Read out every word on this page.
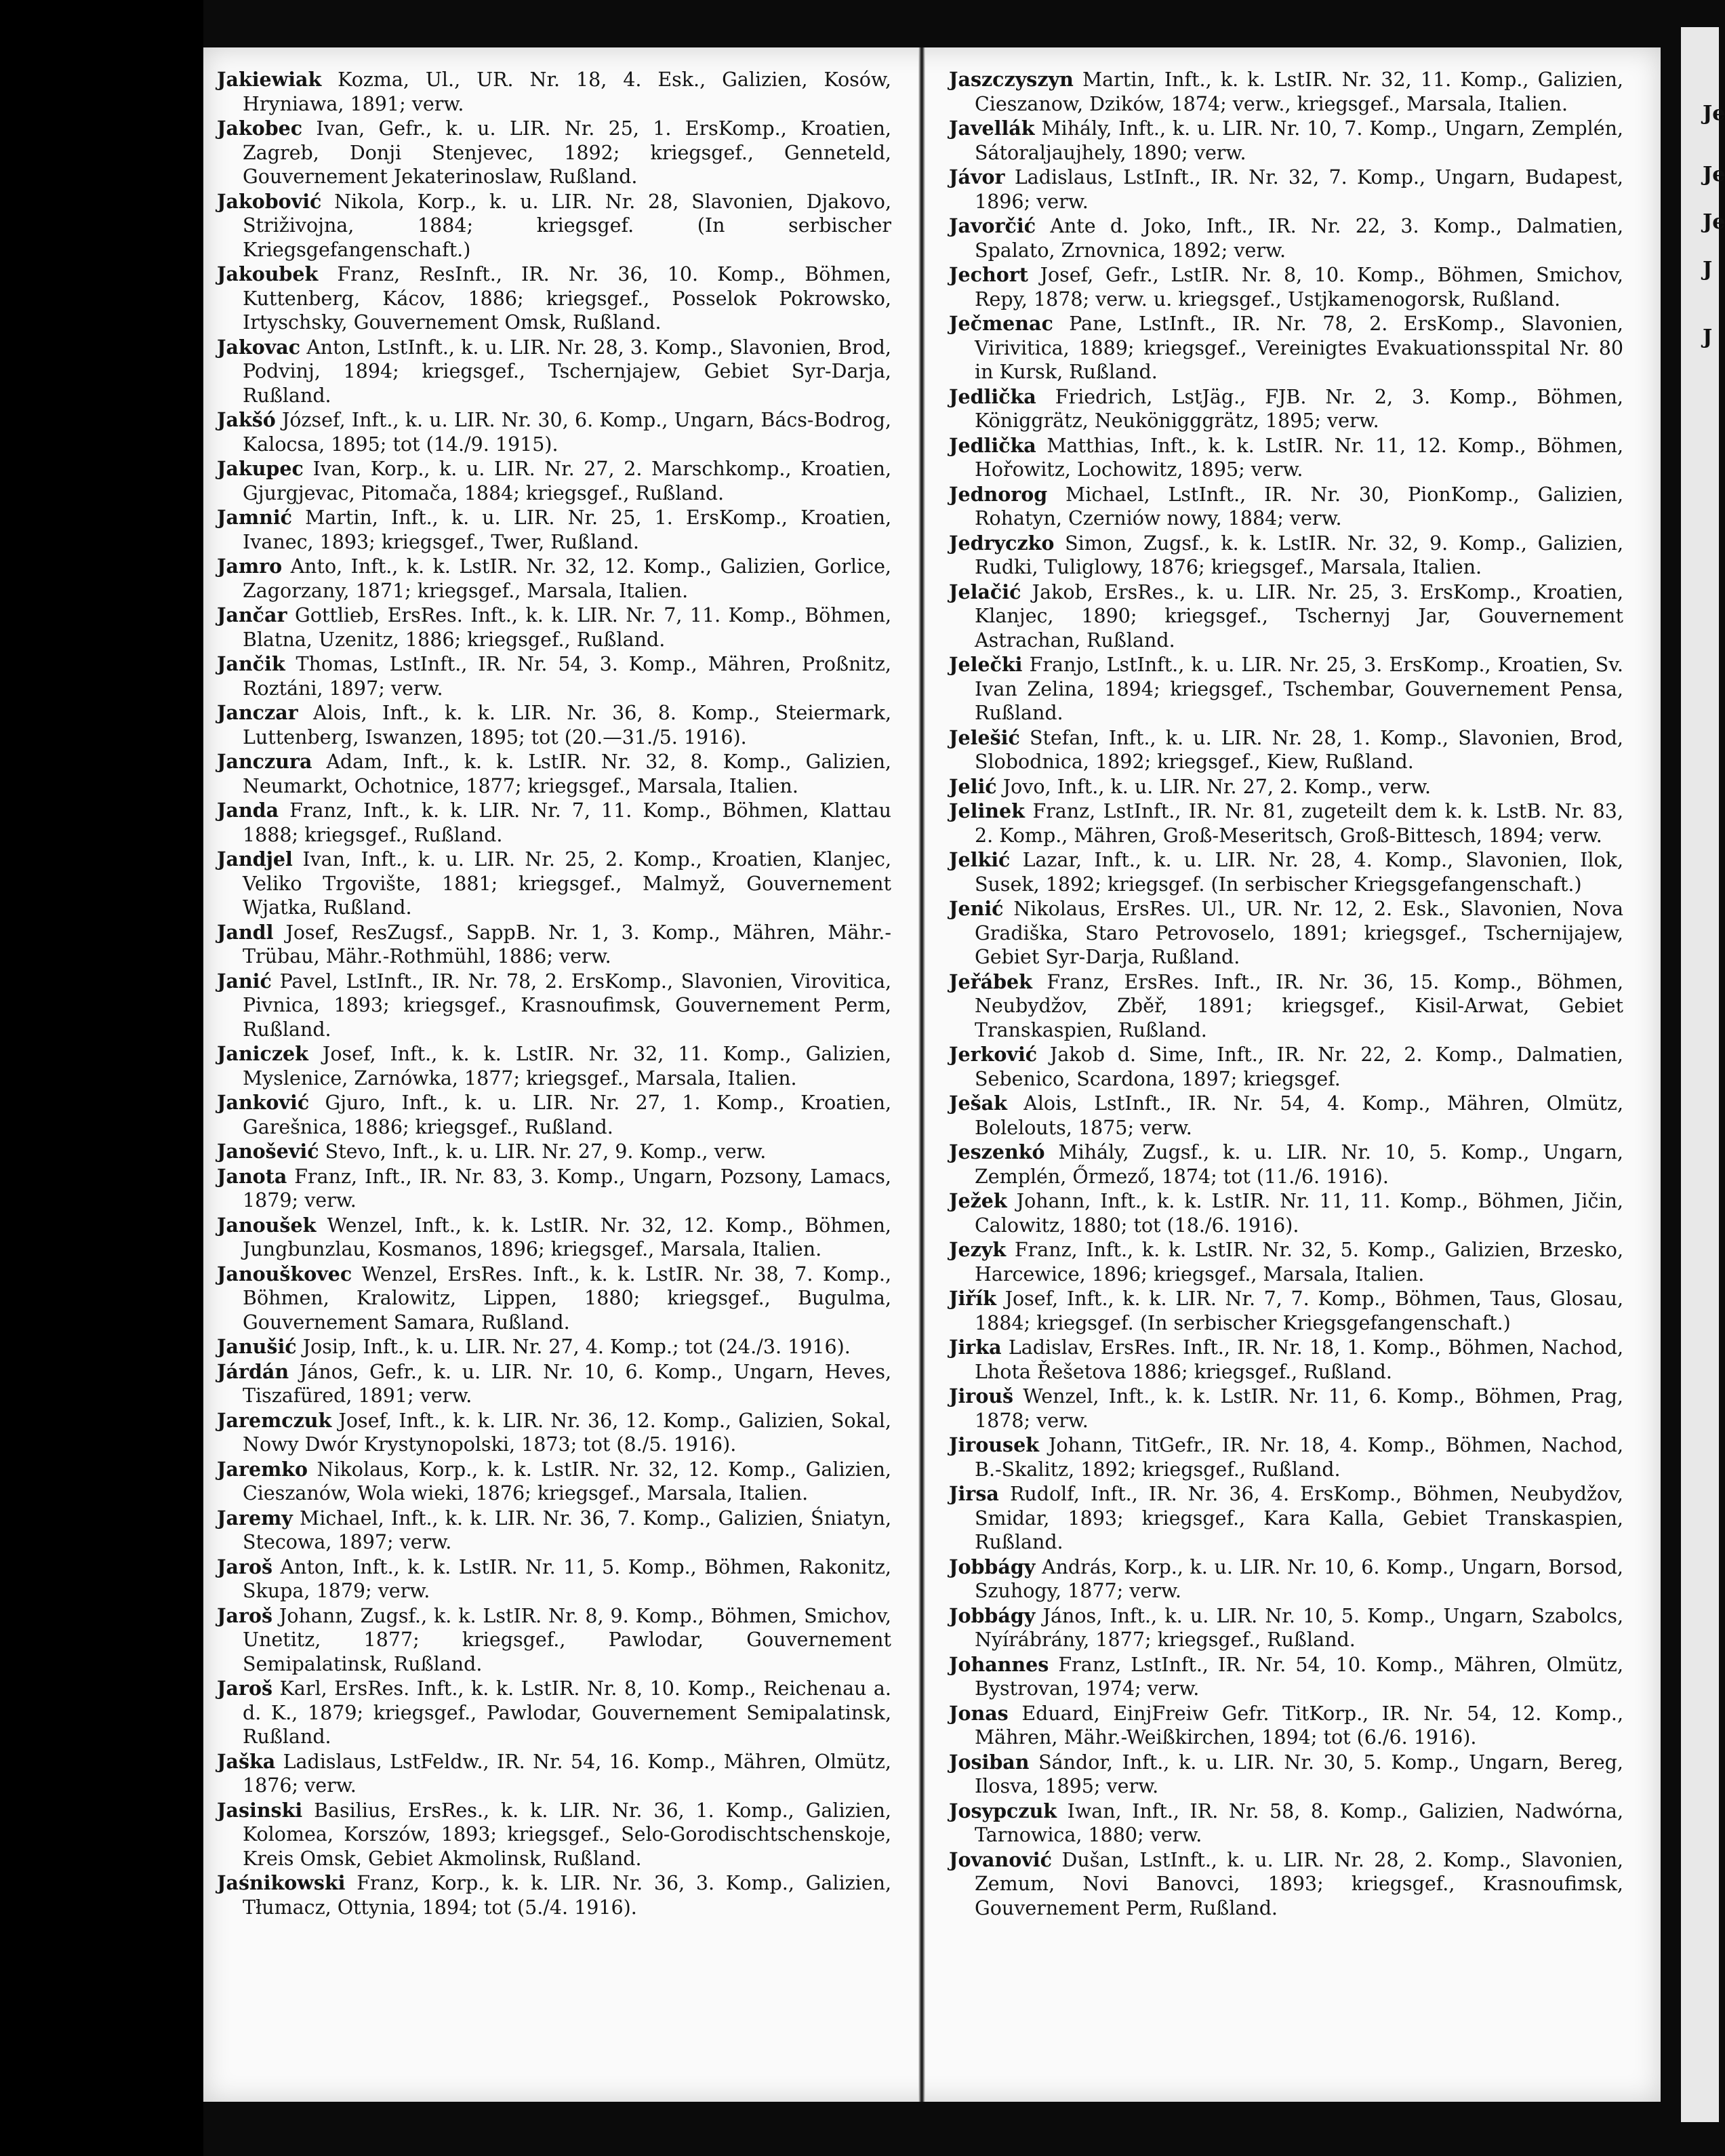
Jakiewiak Kozma, Ul., UR. Nr. 18, 4. Esk., Galizien, Kosów, Hryniawa, 1891; verw.

Jakobec Ivan, Gefr., k. u. LIR. Nr. 25, 1. ErsKomp., Kroatien, Zagreb, Donji Stenjevec, 1892; kriegsgef., Genneteld, Gouvernement Jekaterinoslaw, Rußland.

Jakobović Nikola, Korp., k. u. LIR. Nr. 28, Slavonien, Djakovo, Striživojna, 1884; kriegsgef. (In serbischer Kriegsgefangenschaft.)

Jakoubek Franz, ResInft., IR. Nr. 36, 10. Komp., Böhmen, Kuttenberg, Kácov, 1886; kriegsgef., Posselok Pokrowsko, Irtyschsky, Gouvernement Omsk, Rußland.

Jakovac Anton, LstInft., k. u. LIR. Nr. 28, 3. Komp., Slavonien, Brod, Podvinj, 1894; kriegsgef., Tschernjajew, Gebiet Syr-Darja, Rußland.

Jakšó József, Inft., k. u. LIR. Nr. 30, 6. Komp., Ungarn, Bács-Bodrog, Kalocsa, 1895; tot (14./9. 1915).

Jakupec Ivan, Korp., k. u. LIR. Nr. 27, 2. Marschkomp., Kroatien, Gjurgjevac, Pitomača, 1884; kriegsgef., Rußland.

Jamnić Martin, Inft., k. u. LIR. Nr. 25, 1. ErsKomp., Kroatien, Ivanec, 1893; kriegsgef., Twer, Rußland.

Jamro Anto, Inft., k. k. LstIR. Nr. 32, 12. Komp., Galizien, Gorlice, Zagorzany, 1871; kriegsgef., Marsala, Italien.

Jančar Gottlieb, ErsRes. Inft., k. k. LIR. Nr. 7, 11. Komp., Böhmen, Blatna, Uzenitz, 1886; kriegsgef., Rußland.

Jančik Thomas, LstInft., IR. Nr. 54, 3. Komp., Mähren, Proßnitz, Roztáni, 1897; verw.

Janczar Alois, Inft., k. k. LIR. Nr. 36, 8. Komp., Steiermark, Luttenberg, Iswanzen, 1895; tot (20.—31./5. 1916).

Janczura Adam, Inft., k. k. LstIR. Nr. 32, 8. Komp., Galizien, Neumarkt, Ochotnice, 1877; kriegsgef., Marsala, Italien.

Janda Franz, Inft., k. k. LIR. Nr. 7, 11. Komp., Böhmen, Klattau 1888; kriegsgef., Rußland.

Jandjel Ivan, Inft., k. u. LIR. Nr. 25, 2. Komp., Kroatien, Klanjec, Veliko Trgovište, 1881; kriegsgef., Malmyž, Gouvernement Wjatka, Rußland.

Jandl Josef, ResZugsf., SappB. Nr. 1, 3. Komp., Mähren, Mähr.-Trübau, Mähr.-Rothmühl, 1886; verw.

Janić Pavel, LstInft., IR. Nr. 78, 2. ErsKomp., Slavonien, Virovitica, Pivnica, 1893; kriegsgef., Krasnoufimsk, Gouvernement Perm, Rußland.

Janiczek Josef, Inft., k. k. LstIR. Nr. 32, 11. Komp., Galizien, Myslenice, Zarnówka, 1877; kriegsgef., Marsala, Italien.

Janković Gjuro, Inft., k. u. LIR. Nr. 27, 1. Komp., Kroatien, Garešnica, 1886; kriegsgef., Rußland.

Janošević Stevo, Inft., k. u. LIR. Nr. 27, 9. Komp., verw.

Janota Franz, Inft., IR. Nr. 83, 3. Komp., Ungarn, Pozsony, Lamacs, 1879; verw.

Janoušek Wenzel, Inft., k. k. LstIR. Nr. 32, 12. Komp., Böhmen, Jungbunzlau, Kosmanos, 1896; kriegsgef., Marsala, Italien.

Janouškovec Wenzel, ErsRes. Inft., k. k. LstIR. Nr. 38, 7. Komp., Böhmen, Kralowitz, Lippen, 1880; kriegsgef., Bugulma, Gouvernement Samara, Rußland.

Janušić Josip, Inft., k. u. LIR. Nr. 27, 4. Komp.; tot (24./3. 1916).

Járdán János, Gefr., k. u. LIR. Nr. 10, 6. Komp., Ungarn, Heves, Tiszafüred, 1891; verw.

Jaremczuk Josef, Inft., k. k. LIR. Nr. 36, 12. Komp., Galizien, Sokal, Nowy Dwór Krystynopolski, 1873; tot (8./5. 1916).

Jaremko Nikolaus, Korp., k. k. LstIR. Nr. 32, 12. Komp., Galizien, Cieszanów, Wola wieki, 1876; kriegsgef., Marsala, Italien.

Jaremy Michael, Inft., k. k. LIR. Nr. 36, 7. Komp., Galizien, Śniatyn, Stecowa, 1897; verw.

Jaroš Anton, Inft., k. k. LstIR. Nr. 11, 5. Komp., Böhmen, Rakonitz, Skupa, 1879; verw.

Jaroš Johann, Zugsf., k. k. LstIR. Nr. 8, 9. Komp., Böhmen, Smichov, Unetitz, 1877; kriegsgef., Pawlodar, Gouvernement Semipalatinsk, Rußland.

Jaroš Karl, ErsRes. Inft., k. k. LstIR. Nr. 8, 10. Komp., Reichenau a. d. K., 1879; kriegsgef., Pawlodar, Gouvernement Semipalatinsk, Rußland.

Jaška Ladislaus, LstFeldw., IR. Nr. 54, 16. Komp., Mähren, Olmütz, 1876; verw.

Jasinski Basilius, ErsRes., k. k. LIR. Nr. 36, 1. Komp., Galizien, Kolomea, Korszów, 1893; kriegsgef., Selo-Gorodischtschenskoje, Kreis Omsk, Gebiet Akmolinsk, Rußland.

Jaśnikowski Franz, Korp., k. k. LIR. Nr. 36, 3. Komp., Galizien, Tłumacz, Ottynia, 1894; tot (5./4. 1916).

Jaszczyszyn Martin, Inft., k. k. LstIR. Nr. 32, 11. Komp., Galizien, Cieszanow, Dzików, 1874; verw., kriegsgef., Marsala, Italien.

Javellák Mihály, Inft., k. u. LIR. Nr. 10, 7. Komp., Ungarn, Zemplén, Sátoraljaujhely, 1890; verw.

Jávor Ladislaus, LstInft., IR. Nr. 32, 7. Komp., Ungarn, Budapest, 1896; verw.

Javorčić Ante d. Joko, Inft., IR. Nr. 22, 3. Komp., Dalmatien, Spalato, Zrnovnica, 1892; verw.

Jechort Josef, Gefr., LstIR. Nr. 8, 10. Komp., Böhmen, Smichov, Repy, 1878; verw. u. kriegsgef., Ustjkamenogorsk, Rußland.

Ječmenac Pane, LstInft., IR. Nr. 78, 2. ErsKomp., Slavonien, Virivitica, 1889; kriegsgef., Vereinigtes Evakuationsspital Nr. 80 in Kursk, Rußland.

Jedlička Friedrich, LstJäg., FJB. Nr. 2, 3. Komp., Böhmen, Königgrätz, Neukönigggrätz, 1895; verw.

Jedlička Matthias, Inft., k. k. LstIR. Nr. 11, 12. Komp., Böhmen, Hořowitz, Lochowitz, 1895; verw.

Jednorog Michael, LstInft., IR. Nr. 30, PionKomp., Galizien, Rohatyn, Czerniów nowy, 1884; verw.

Jedryczko Simon, Zugsf., k. k. LstIR. Nr. 32, 9. Komp., Galizien, Rudki, Tuliglowy, 1876; kriegsgef., Marsala, Italien.

Jelačić Jakob, ErsRes., k. u. LIR. Nr. 25, 3. ErsKomp., Kroatien, Klanjec, 1890; kriegsgef., Tschernyj Jar, Gouvernement Astrachan, Rußland.

Jelečki Franjo, LstInft., k. u. LIR. Nr. 25, 3. ErsKomp., Kroatien, Sv. Ivan Zelina, 1894; kriegsgef., Tschembar, Gouvernement Pensa, Rußland.

Jelešić Stefan, Inft., k. u. LIR. Nr. 28, 1. Komp., Slavonien, Brod, Slobodnica, 1892; kriegsgef., Kiew, Rußland.

Jelić Jovo, Inft., k. u. LIR. Nr. 27, 2. Komp., verw.

Jelinek Franz, LstInft., IR. Nr. 81, zugeteilt dem k. k. LstB. Nr. 83, 2. Komp., Mähren, Groß-Meseritsch, Groß-Bittesch, 1894; verw.

Jelkić Lazar, Inft., k. u. LIR. Nr. 28, 4. Komp., Slavonien, Ilok, Susek, 1892; kriegsgef. (In serbischer Kriegsgefangenschaft.)

Jenić Nikolaus, ErsRes. Ul., UR. Nr. 12, 2. Esk., Slavonien, Nova Gradiška, Staro Petrovoselo, 1891; kriegsgef., Tschernijajew, Gebiet Syr-Darja, Rußland.

Jeřábek Franz, ErsRes. Inft., IR. Nr. 36, 15. Komp., Böhmen, Neubydžov, Zběř, 1891; kriegsgef., Kisil-Arwat, Gebiet Transkaspien, Rußland.

Jerković Jakob d. Sime, Inft., IR. Nr. 22, 2. Komp., Dalmatien, Sebenico, Scardona, 1897; kriegsgef.

Ješak Alois, LstInft., IR. Nr. 54, 4. Komp., Mähren, Olmütz, Bolelouts, 1875; verw.

Jeszenkó Mihály, Zugsf., k. u. LIR. Nr. 10, 5. Komp., Ungarn, Zemplén, Őrmező, 1874; tot (11./6. 1916).

Ježek Johann, Inft., k. k. LstIR. Nr. 11, 11. Komp., Böhmen, Jičin, Calowitz, 1880; tot (18./6. 1916).

Jezyk Franz, Inft., k. k. LstIR. Nr. 32, 5. Komp., Galizien, Brzesko, Harcewice, 1896; kriegsgef., Marsala, Italien.

Jiřík Josef, Inft., k. k. LIR. Nr. 7, 7. Komp., Böhmen, Taus, Glosau, 1884; kriegsgef. (In serbischer Kriegsgefangenschaft.)

Jirka Ladislav, ErsRes. Inft., IR. Nr. 18, 1. Komp., Böhmen, Nachod, Lhota Řešetova 1886; kriegsgef., Rußland.

Jirouš Wenzel, Inft., k. k. LstIR. Nr. 11, 6. Komp., Böhmen, Prag, 1878; verw.

Jirousek Johann, TitGefr., IR. Nr. 18, 4. Komp., Böhmen, Nachod, B.-Skalitz, 1892; kriegsgef., Rußland.

Jirsa Rudolf, Inft., IR. Nr. 36, 4. ErsKomp., Böhmen, Neubydžov, Smidar, 1893; kriegsgef., Kara Kalla, Gebiet Transkaspien, Rußland.

Jobbágy András, Korp., k. u. LIR. Nr. 10, 6. Komp., Ungarn, Borsod, Szuhogy, 1877; verw.

Jobbágy János, Inft., k. u. LIR. Nr. 10, 5. Komp., Ungarn, Szabolcs, Nyírábrány, 1877; kriegsgef., Rußland.

Johannes Franz, LstInft., IR. Nr. 54, 10. Komp., Mähren, Olmütz, Bystrovan, 1974; verw.

Jonas Eduard, EinjFreiw Gefr. TitKorp., IR. Nr. 54, 12. Komp., Mähren, Mähr.-Weißkirchen, 1894; tot (6./6. 1916).

Josiban Sándor, Inft., k. u. LIR. Nr. 30, 5. Komp., Ungarn, Bereg, Ilosva, 1895; verw.

Josypczuk Iwan, Inft., IR. Nr. 58, 8. Komp., Galizien, Nadwórna, Tarnowica, 1880; verw.

Jovanović Dušan, LstInft., k. u. LIR. Nr. 28, 2. Komp., Slavonien, Zemum, Novi Banovci, 1893; kriegsgef., Krasnoufimsk, Gouvernement Perm, Rußland.

Je
Je
Je
J
J
